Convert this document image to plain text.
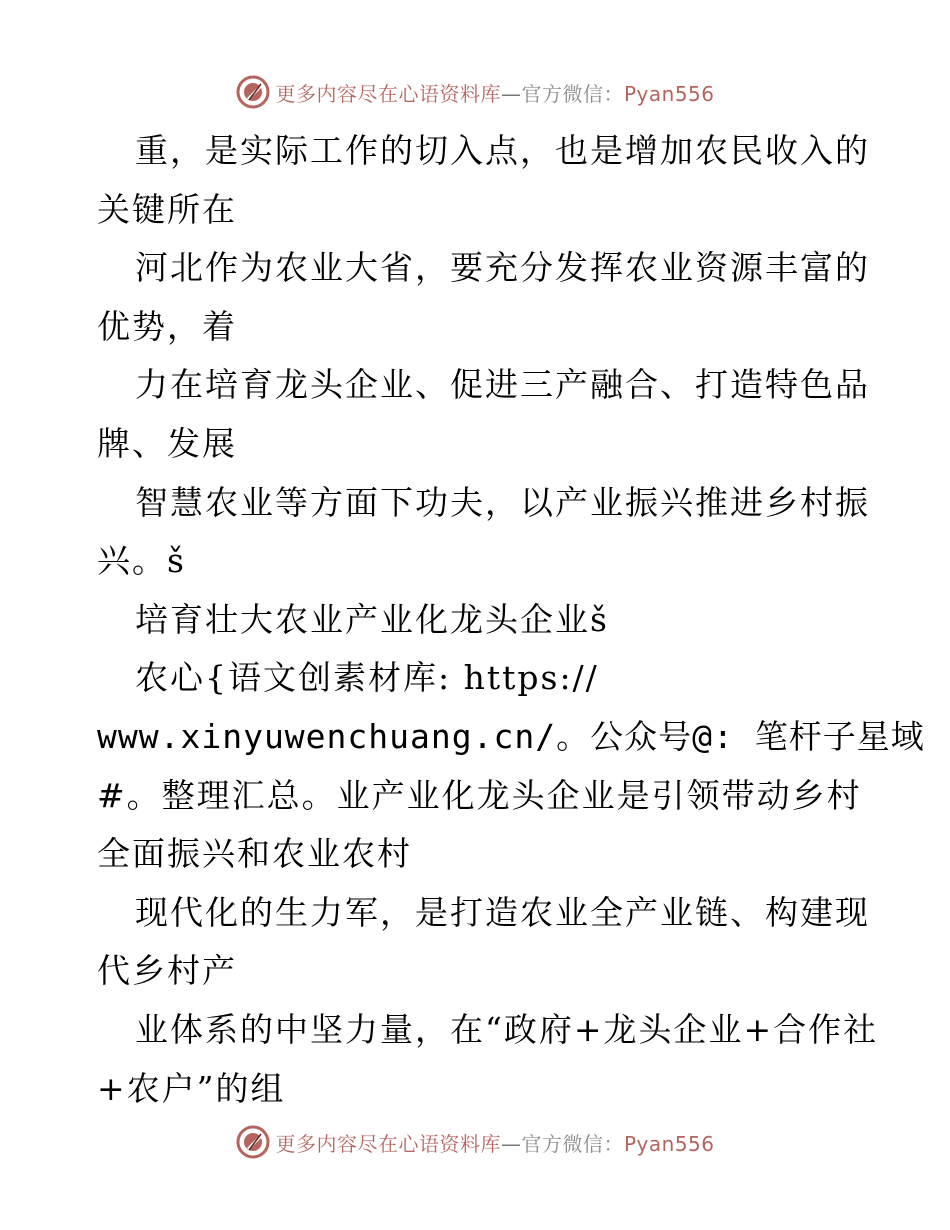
更多内容尽在心语资料库—官方微信：Pyan556
重，是实际工作的切入点，也是增加农民收入的
关键所在
河北作为农业大省，要充分发挥农业资源丰富的
优势，着
力在培育龙头企业、促进三产融合、打造特色品
牌、发展
智慧农业等方面下功夫，以产业振兴推进乡村振
兴。š
培育壮大农业产业化龙头企业š
农心{语文创素材库: https://
www.xinyuwenchuang.cn/。公众号@: 笔杆子星域
#。整理汇总。业产业化龙头企业是引领带动乡村
全面振兴和农业农村
现代化的生力军，是打造农业全产业链、构建现
代乡村产
业体系的中坚力量，在“政府+龙头企业+合作社
+农户”的组
更多内容尽在心语资料库—官方微信：Pyan556
